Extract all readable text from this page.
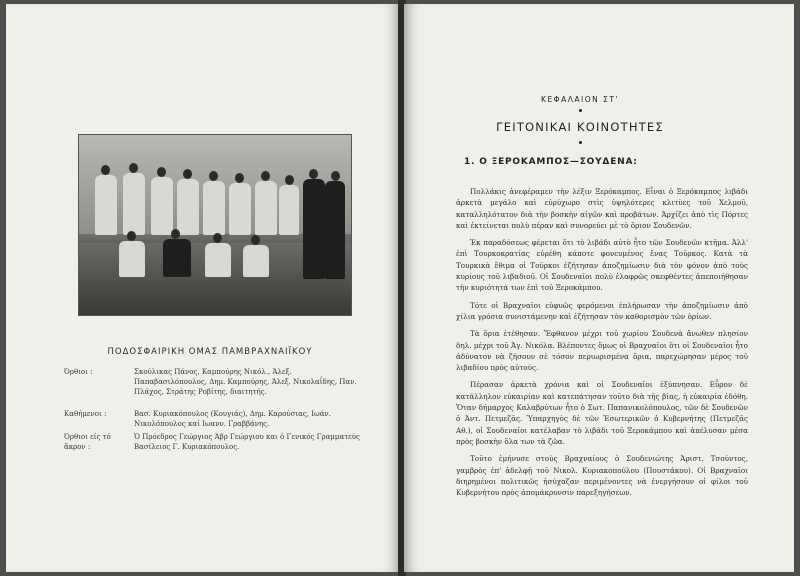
ΠΟΔΟΣΦΑΙΡΙΚΗ ΟΜΑΣ ΠΑΜΒΡΑΧΝΑΙΪΚΟΥ
Όρθιοι :	Σκούλικας Πάνος, Καμπούρης Νικόλ., Άλεξ. Παπαβασιλόπουλος, Δημ. Καμπούρης, Άλεξ. Νικολαΐδης, Παν. Πλάχος, Στράτης Ροβίτης, διαιτητής.
Καθήμενοι :	Βασ. Κυριακόπουλος (Κουγιάς), Δημ. Καρούσιας, Ιωάν. Νικολόπουλος καί Ιωανν. Γραββάνης.
Όρθιοι είς τό ἄκρον :
Ὁ Πρόεδρος Γεώργιος Άβρ Γεώργιου και ὁ Γενικός Γραμματεύς Βασίλειος Γ. Κυριακόπουλος.
ΚΕΦΑΛΑΙΟΝ ΣΤ'
ΓΕΙΤΟΝΙΚΑΙ ΚΟΙΝΟΤΗΤΕΣ
1. Ο ΞΕΡΟΚΑΜΠΟΣ—ΣΟΥΔΕΝΑ:

Πολλάκις ἀνεφέραμεν τὴν λέξιν Ξερόκαμπος. Εἶναι ὁ Ξερόκαμπος λιβάδι ἀρκετὰ μεγάλο καὶ εὑρύχωρο στὶς ὑψηλότερες κλιτὺες τοῦ Χελμοῦ, καταλληλότατον διὰ τὴν βοσκὴν αἰγῶν καὶ προβάτων. Ἀρχίζει ἀπὸ τὶς Πόρτες καὶ ἐκτείνεται πολὺ πέραν καὶ συνορεύει μὲ τὸ ὅριον Σουδενῶν.

Ἐκ παραδόσεως φέρεται ὅτι τὸ λιβάδι αὐτὸ ἦτο τῶν Σουδενῶν κτῆμα. Ἀλλ' ἐπὶ Τουρκοκρατίας εὑρέθη κάποτε φονευμένος ἕνας Τοῦρκος. Κατὰ τὰ Τουρκικὰ ἔθιμα οἱ Τοῦρκοι ἐζήτησαν ἀποζημίωσιν διὰ τὸν φόνον ἀπὸ τοὺς κυρίους τοῦ λιβαδιοῦ. Οἱ Σουδεναῖοι πολὺ ἐλαφρῶς σκεφθέντες ἀπεποιήθησαν τὴν κυριότητά των ἐπὶ τοῦ Ξεροκάμπου.

Τότε οἱ Βραχναῖοι εὐφυῶς φερόμενοι ἐπλήρωσαν τὴν ἀποζημίωσιν ἀπὸ χίλια γρόσια συνιστάμενην καὶ ἐζήτησαν τὸν καθορισμὸν τῶν ὁρίων.

Τὰ ὅρια ἐτέθησαν. Ἔφθανον μέχρι τοῦ χωρίου Σουδενὰ ἄνωθεν πλησίον δηλ. μέχρι τοῦ Ἁγ. Νικόλα. Βλέποντες ὅμως οἱ Βραχναῖοι ὅτι οἱ Σουδεναῖοι ἦτο ἀδύνατον νὰ ζήσουν σὲ τόσον περιωρισμένα ὅρια, παρεχώρησαν μέρος τοῦ λιβαδίου πρὸς αὐτούς.

Πέρασαν ἀρκετὰ χρόνια καὶ οἱ Σουδεναῖοι ἐξύπνησαν. Εὗρον δὲ κατάλληλον εὐκαιρίαν καὶ κατεπάτησαν τοῦτο διὰ τῆς βίας, ἡ εὐκαιρία ἐδόθη. Ὅταν δήμαρχος Καλαβρύτων ἦτο ὁ Σωτ. Παπανικολόπουλος, τῶν δὲ Σουδενῶν ὁ Ἀντ. Πετμεζᾶς. Ὑπαρχηγὸς δὲ τῶν Ἐσωτερικῶν ὁ Κυβερνήτης (Πετμεζᾶς Αθ.), οἱ Σουδεναῖοι κατέλαβαν τὸ λιβάδι τοῦ Ξεροκάμπου καὶ ἀπέλυσαν μέσα πρὸς βοσκὴν ὅλα των τὰ ζῶα.

Τοῦτο ἐμήνυσε στοὺς Βραχναίους ὁ Σουδενιώτης Ἀριστ. Τσούντος, γαμβρὸς ἐπ' ἀδελφῇ τοῦ Νικολ. Κυριακοπούλου (Πουστάκου). Οἱ Βραχναῖοι διηρημένοι πολιτικῶς ἡσύχαζαν περιμένοντες νὰ ἐνεργήσουν οἱ φίλοι τοῦ Κυβερνήτου πρὸς ἀπομάκρυνσιν παρεξηγήσεων.
